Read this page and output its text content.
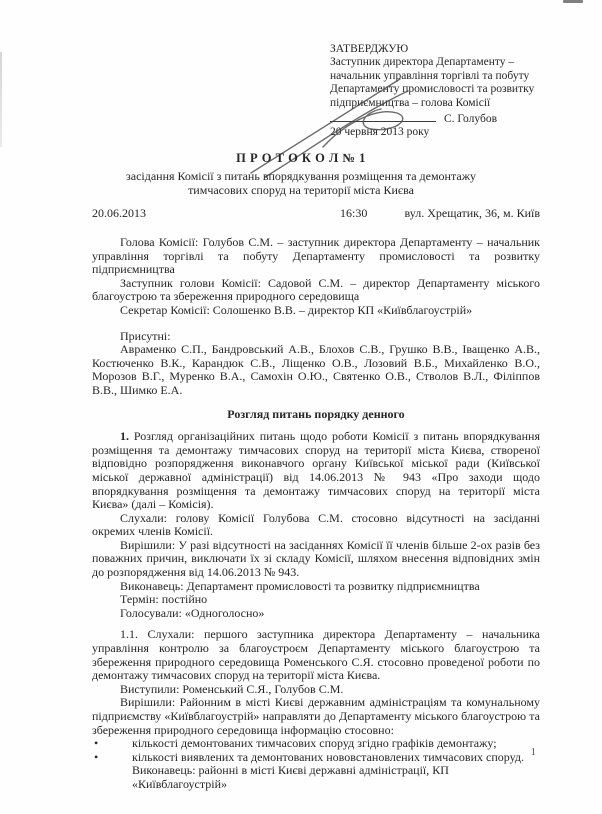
ЗАТВЕРДЖУЮ
Заступник директора Департаменту –
начальник управління торгівлі та побуту
Департаменту промисловості та розвитку
підприємництва – голова Комісії
С. Голубов
20 червня 2013 року
П Р О Т О К О Л № 1
засідання Комісії з питань впорядкування розміщення та демонтажу
тимчасових споруд на території міста Києва
20.06.2013	16:30	вул. Хрещатик, 36, м. Київ

Голова Комісії: Голубов С.М. – заступник директора Департаменту – начальник управління торгівлі та побуту Департаменту промисловості та розвитку підприємництва

Заступник голови Комісії: Садовой С.М. – директор Департаменту міського благоустрою та збереження природного середовища

Секретар Комісії: Солошенко В.В. – директор КП «Київблагоустрій»

Присутні:

Авраменко С.П., Бандровський А.В., Блохов С.В., Грушко В.В., Іващенко А.В., Костюченко В.К., Карандюк С.В., Ліщенко О.В., Лозовий В.Б., Михайленко В.О., Морозов В.Г., Муренко В.А., Самохін О.Ю., Святенко О.В., Стволов В.Л., Філіппов В.В., Шимко Е.А.

Розгляд питань порядку денного

1. Розгляд організаційних питань щодо роботи Комісії з питань впорядкування розміщення та демонтажу тимчасових споруд на території міста Києва, створеної відповідно розпорядження виконавчого органу Київської міської ради (Київської міської державної адміністрації) від 14.06.2013 № 943 «Про заходи щодо впорядкування розміщення та демонтажу тимчасових споруд на території міста Києва» (далі – Комісія).

Слухали: голову Комісії Голубова С.М. стосовно відсутності на засіданні окремих членів Комісії.

Вирішили: У разі відсутності на засіданнях Комісії її членів більше 2-ох разів без поважних причин, виключати їх зі складу Комісії, шляхом внесення відповідних змін до розпорядження від 14.06.2013 № 943.

Виконавець: Департамент промисловості та розвитку підприємництва

Термін: постійно

Голосували: «Одноголосно»

1.1. Слухали: першого заступника директора Департаменту – начальника управління контролю за благоустроєм Департаменту міського благоустрою та збереження природного середовища Роменського С.Я. стосовно проведеної роботи по демонтажу тимчасових споруд на території міста Києва.

Виступили: Роменський С.Я., Голубов С.М.

Вирішили: Районним в місті Києві державним адміністраціям та комунальному підприємству «Київблагоустрій» направляти до Департаменту міського благоустрою та збереження природного середовища інформацію стосовно:

•	кількості демонтованих тимчасових споруд згідно графіків демонтажу;
•	кількості виявлених та демонтованих нововстановлених тимчасових споруд.

Виконавець: районні в місті Києві державні адміністрації, КП «Київблагоустрій»

1
